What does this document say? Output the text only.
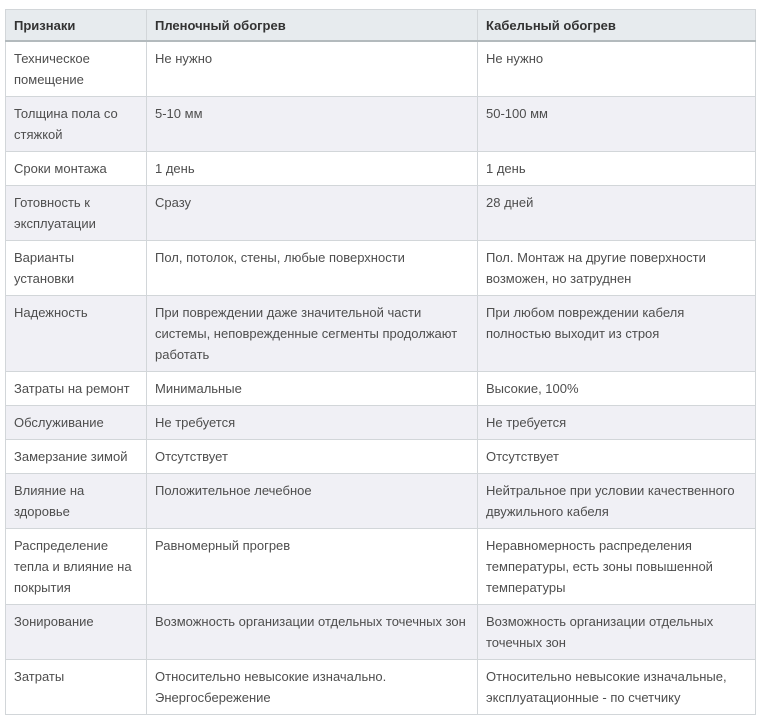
Признаки	Пленочный обогрев	Кабельный обогрев
Техническое помещение	Не нужно	Не нужно
Толщина пола со стяжкой	5-10 мм	50-100 мм
Сроки монтажа	1 день	1 день
Готовность к эксплуатации	Сразу	28 дней
Варианты установки	Пол, потолок, стены, любые поверхности	Пол. Монтаж на другие поверхности возможен, но затруднен
Надежность	При повреждении даже значительной части системы, неповрежденные сегменты продолжают работать	При любом повреждении кабеля полностью выходит из строя
Затраты на ремонт	Минимальные	Высокие, 100%
Обслуживание	Не требуется	Не требуется
Замерзание зимой	Отсутствует	Отсутствует
Влияние на здоровье	Положительное лечебное	Нейтральное при условии качественного двужильного кабеля
Распределение тепла и влияние на покрытия	Равномерный прогрев	Неравномерность распределения температуры, есть зоны повышенной температуры
Зонирование	Возможность организации отдельных точечных зон	Возможность организации отдельных точечных зон
Затраты	Относительно невысокие изначально. Энергосбережение	Относительно невысокие изначальные, эксплуатационные - по счетчику
